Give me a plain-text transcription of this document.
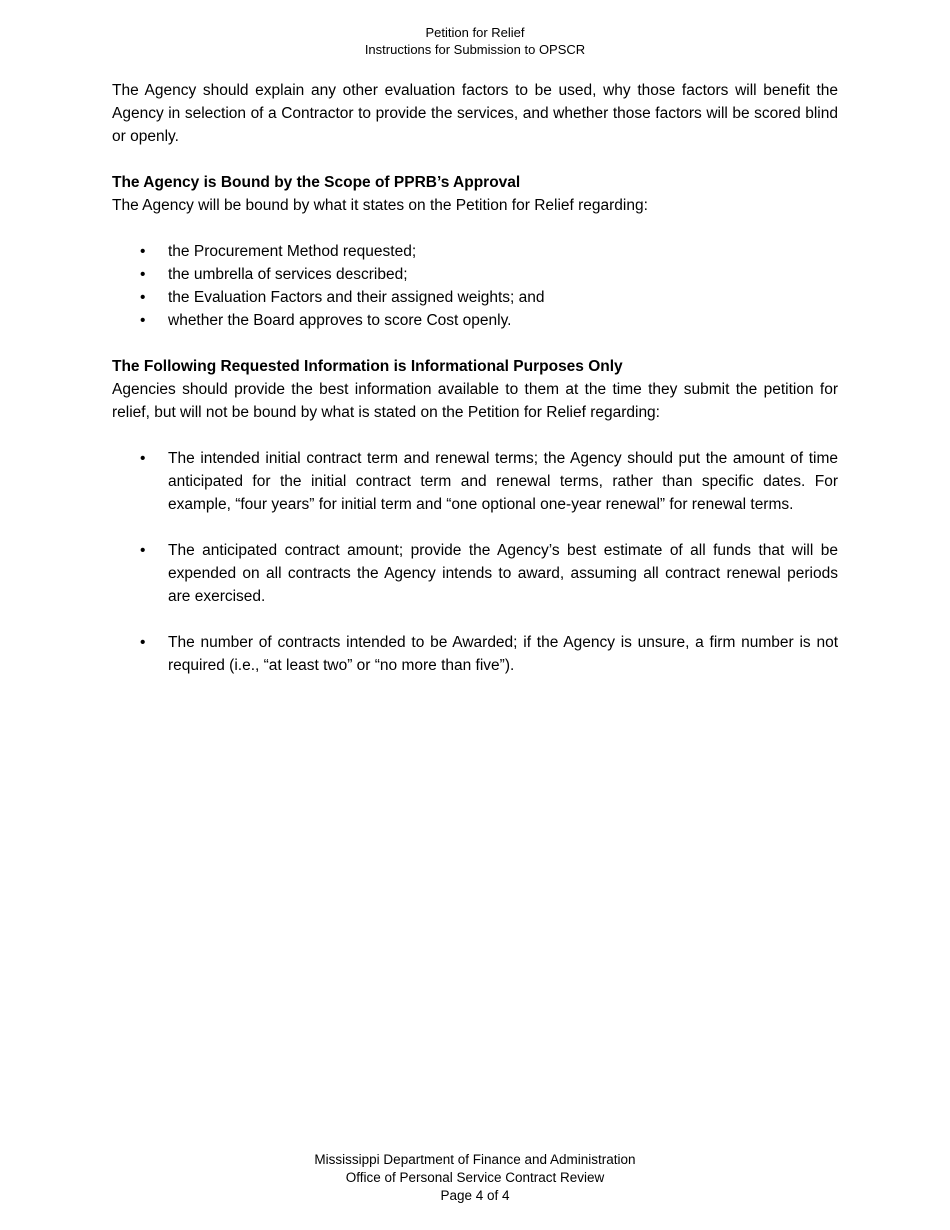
Petition for Relief
Instructions for Submission to OPSCR

The Agency should explain any other evaluation factors to be used, why those factors will benefit the Agency in selection of a Contractor to provide the services, and whether those factors will be scored blind or openly.

The Agency is Bound by the Scope of PPRB’s Approval

The Agency will be bound by what it states on the Petition for Relief regarding:

• the Procurement Method requested;
• the umbrella of services described;
• the Evaluation Factors and their assigned weights; and
• whether the Board approves to score Cost openly.

The Following Requested Information is Informational Purposes Only

Agencies should provide the best information available to them at the time they submit the petition for relief, but will not be bound by what is stated on the Petition for Relief regarding:

• The intended initial contract term and renewal terms; the Agency should put the amount of time anticipated for the initial contract term and renewal terms, rather than specific dates. For example, “four years” for initial term and “one optional one-year renewal” for renewal terms.
• The anticipated contract amount; provide the Agency’s best estimate of all funds that will be expended on all contracts the Agency intends to award, assuming all contract renewal periods are exercised.
• The number of contracts intended to be Awarded; if the Agency is unsure, a firm number is not required (i.e., “at least two” or “no more than five”).
Mississippi Department of Finance and Administration
Office of Personal Service Contract Review
Page 4 of 4
